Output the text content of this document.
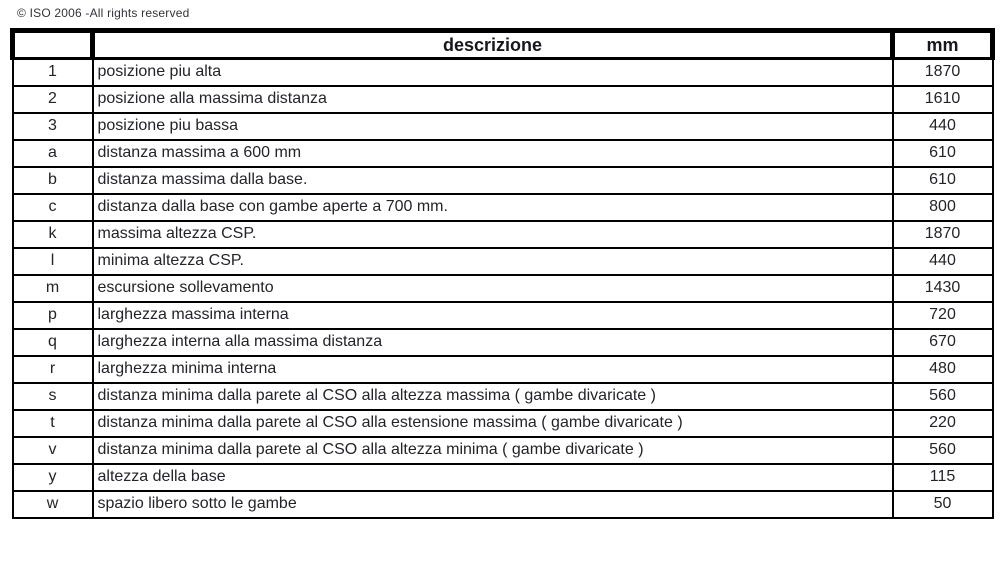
© ISO 2006 -All rights reserved
	descrizione	mm
1	posizione piu alta	1870
2	posizione alla massima distanza	1610
3	posizione piu bassa	440
a	distanza massima a 600 mm	610
b	distanza massima dalla base.	610
c	distanza dalla base con gambe aperte a 700 mm.	800
k	massima altezza CSP.	1870
l	minima altezza CSP.	440
m	escursione sollevamento	1430
p	larghezza massima interna	720
q	larghezza interna alla massima distanza	670
r	larghezza minima interna	480
s	distanza minima dalla parete al CSO alla altezza massima ( gambe divaricate )	560
t	distanza minima dalla parete al CSO alla estensione massima ( gambe divaricate )	220
v	distanza minima dalla parete al CSO alla altezza minima ( gambe divaricate )	560
y	altezza della base	115
w	spazio libero sotto le gambe	50
